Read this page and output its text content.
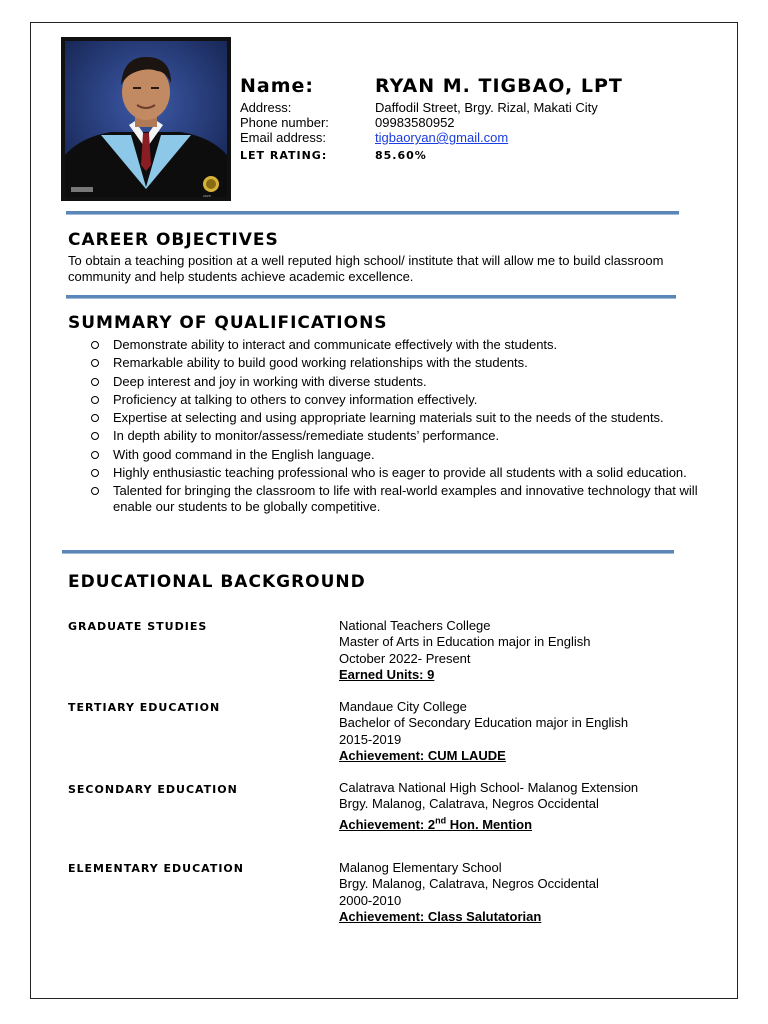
2023
Name:	RYAN M. TIGBAO, LPT
Address:	Daffodil Street, Brgy. Rizal, Makati City
Phone number:	09983580952
Email address:	tigbaoryan@gmail.com
LET RATING:	85.60%
CAREER OBJECTIVES
To obtain a teaching position at a well reputed high school/ institute that will allow me to build classroom community and help students achieve academic excellence.
SUMMARY OF QUALIFICATIONS
Demonstrate ability to interact and communicate effectively with the students.
Remarkable ability to build good working relationships with the students.
Deep interest and joy in working with diverse students.
Proficiency at talking to others to convey information effectively.
Expertise at selecting and using appropriate learning materials suit to the needs of the students.
In depth ability to monitor/assess/remediate students’ performance.
With good command in the English language.
Highly enthusiastic teaching professional who is eager to provide all students with a solid education.
Talented for bringing the classroom to life with real-world examples and innovative technology that will enable our students to be globally competitive.
EDUCATIONAL BACKGROUND
GRADUATE STUDIES	National Teachers College
Master of Arts in Education major in English
October 2022- Present
Earned Units: 9
TERTIARY EDUCATION	Mandaue City College
Bachelor of Secondary Education major in English
2015-2019
Achievement: CUM LAUDE
SECONDARY EDUCATION	Calatrava National High School- Malanog Extension
Brgy. Malanog, Calatrava, Negros Occidental
Achievement: 2nd Hon. Mention
ELEMENTARY EDUCATION	Malanog Elementary School
Brgy. Malanog, Calatrava, Negros Occidental
2000-2010
Achievement: Class Salutatorian
